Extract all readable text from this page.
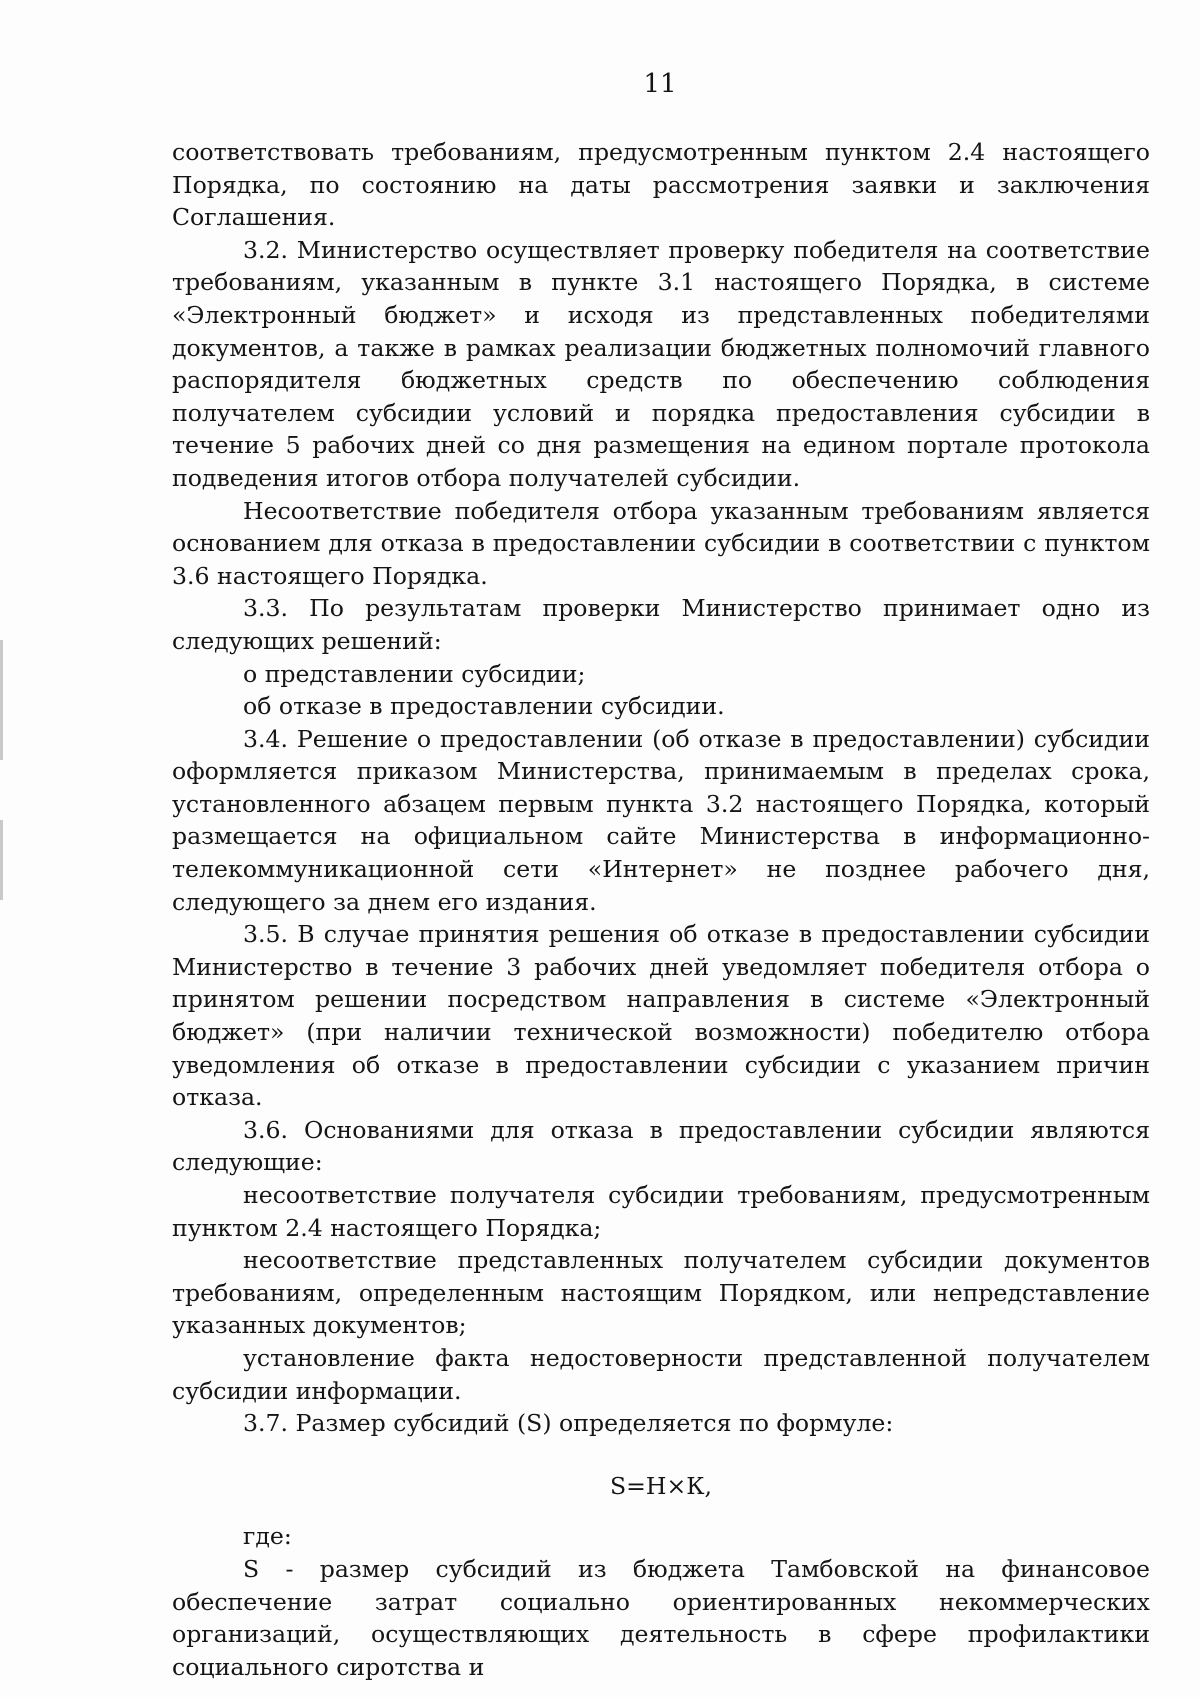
11

соответствовать требованиям, предусмотренным пунктом 2.4 настоящего Порядка, по состоянию на даты рассмотрения заявки и заключения Соглашения.

3.2. Министерство осуществляет проверку победителя на соответствие требованиям, указанным в пункте 3.1 настоящего Порядка, в системе «Электронный бюджет» и исходя из представленных победителями документов, а также в рамках реализации бюджетных полномочий главного распорядителя бюджетных средств по обеспечению соблюдения получателем субсидии условий и порядка предоставления субсидии в течение 5 рабочих дней со дня размещения на едином портале протокола подведения итогов отбора получателей субсидии.

Несоответствие победителя отбора указанным требованиям является основанием для отказа в предоставлении субсидии в соответствии с пунктом 3.6 настоящего Порядка.

3.3. По результатам проверки Министерство принимает одно из следующих решений:

о представлении субсидии;

об отказе в предоставлении субсидии.

3.4. Решение о предоставлении (об отказе в предоставлении) субсидии оформляется приказом Министерства, принимаемым в пределах срока, установленного абзацем первым пункта 3.2 настоящего Порядка, который размещается на официальном сайте Министерства в информационно-телекоммуникационной сети «Интернет» не позднее рабочего дня, следующего за днем его издания.

3.5. В случае принятия решения об отказе в предоставлении субсидии Министерство в течение 3 рабочих дней уведомляет победителя отбора о принятом решении посредством направления в системе «Электронный бюджет» (при наличии технической возможности) победителю отбора уведомления об отказе в предоставлении субсидии с указанием причин отказа.

3.6. Основаниями для отказа в предоставлении субсидии являются следующие:

несоответствие получателя субсидии требованиям, предусмотренным пунктом 2.4 настоящего Порядка;

несоответствие представленных получателем субсидии документов требованиям, определенным настоящим Порядком, или непредставление указанных документов;

установление факта недостоверности представленной получателем субсидии информации.

3.7. Размер субсидий (S) определяется по формуле:

S=Н×К,

где:

S - размер субсидий из бюджета Тамбовской на финансовое обеспечение затрат социально ориентированных некоммерческих организаций, осуществляющих деятельность в сфере профилактики социального сиротства и
